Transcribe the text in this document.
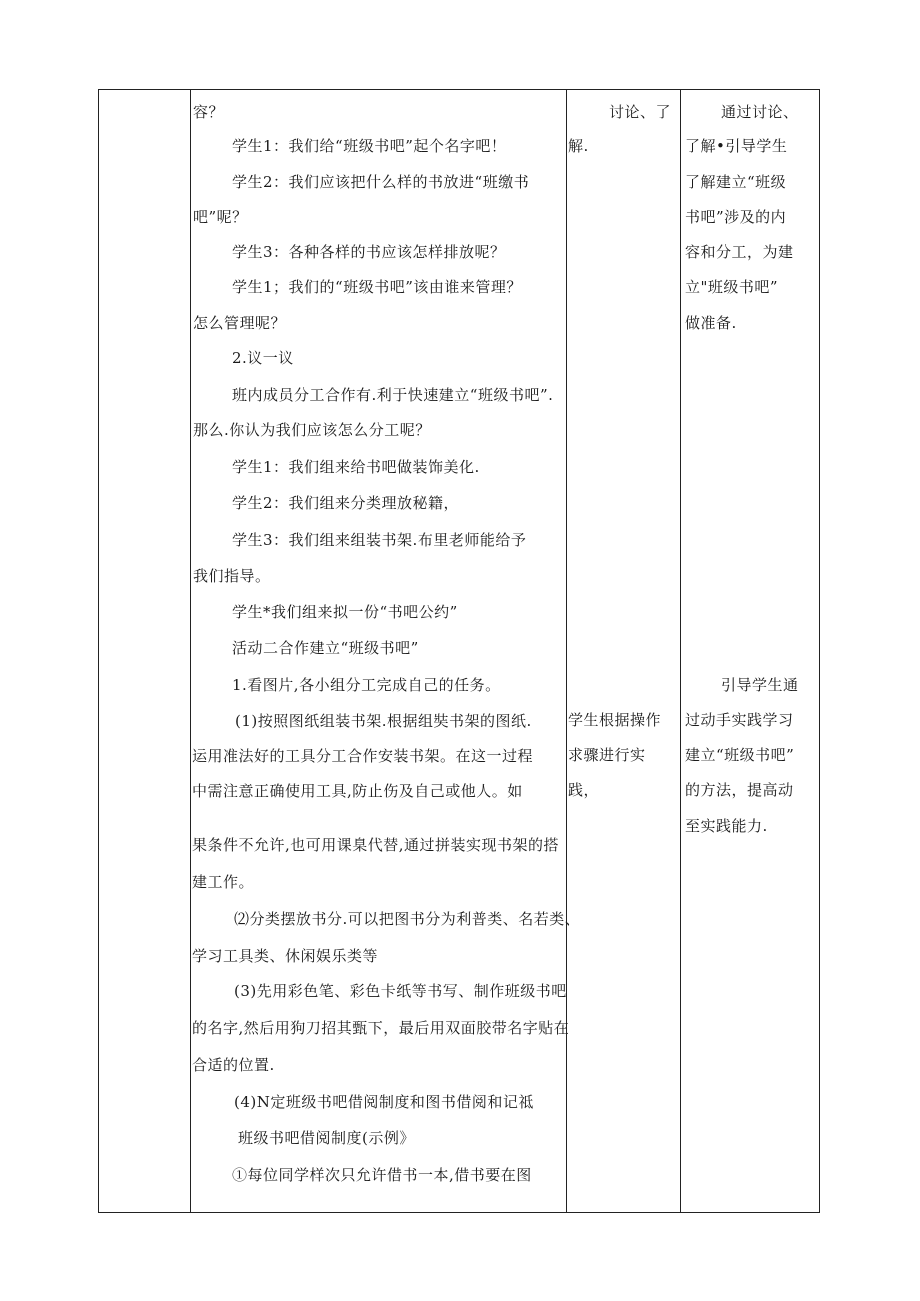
容？
学生1：我们给“班级书吧”起个名字吧！
学生2：我们应该把什么样的书放进“班缴书
吧”呢？
学生3：各种各样的书应该怎样排放呢？
学生1；我们的“班级书吧”该由谁来管理？
怎么管理呢？
2.议一议
班内成员分工合作有.利于快速建立“班级书吧”.
那么.你认为我们应该怎么分工呢？
学生1：我们组来给书吧做装饰美化.
学生2：我们组来分类理放秘籍，
学生3：我们组来组装书架.布里老师能给予
我们指导。
学生*我们组来拟一份“书吧公约”
活动二合作建立“班级书吧”
1.看图片,各小组分工完成自己的任务。
(1)按照图纸组装书架.根据组奘书架的图纸.
运用准法好的工具分工合作安装书架。在这一过程
中需注意正确使用工具,防止伤及自己或他人。如
果条件不允许,也可用课臬代替,通过拼装实现书架的搭
建工作。
⑵分类摆放书分.可以把图书分为利普类、名若类、
学习工具类、休闲娱乐类等
(3)先用彩色笔、彩色卡纸等书写、制作班级书吧
的名字,然后用狗刀招其甄下，最后用双面胶带名字贴在
合适的位置.
(4)N定班级书吧借阅制度和图书借阅和记祗
班级书吧借阅制度(示例》
①每位同学样次只允许借书一本,借书要在图
讨论、了
解.
学生根据操作
求骤进行实
践，
通过讨论、
了解•引导学生
了解建立“班级
书吧”涉及的内
容和分工，为建
立"班级书吧”
做准备.
引导学生通
过动手实践学习
建立“班级书吧”
的方法，提高动
至实践能力.
